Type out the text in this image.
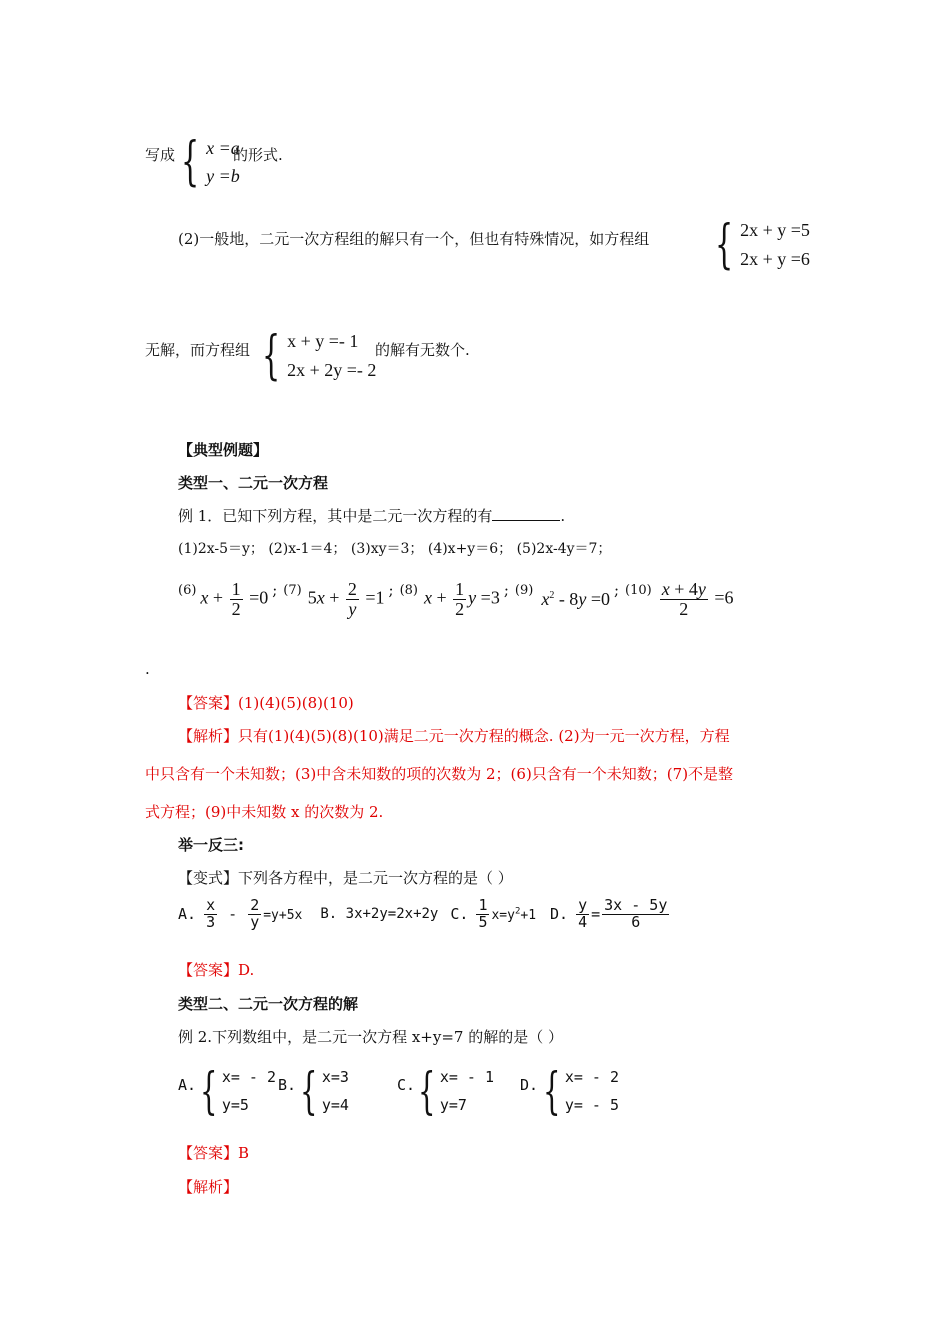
写成 { x =a
y =b
的形式.
(2)一般地，二元一次方程组的解只有一个，但也有特殊情况，如方程组 { 2x + y =5
2x + y =6
无解，而方程组 { x + y =- 1
2x + 2y =- 2
的解有无数个.
【典型例题】
类型一、二元一次方程
例 1．已知下列方程，其中是二元一次方程的有	.
(1)2x-5＝y； (2)x-1＝4； (3)xy＝3； (4)x+y＝6； (5)2x-4y＝7；
(6) $x + \frac{1}{2} =0$ ; (7) $5x + \frac{2}{y} =1$ ; (8) $x + \frac{1}{2}$ y =3 ; (9) $x^2 - 8y =0$ ; $(10) \frac{x + 4y}{2} =6$
.
【答案】(1)(4)(5)(8)(10)
【解析】只有(1)(4)(5)(8)(10)满足二元一次方程的概念. (2)为一元一次方程，方程
中只含有一个未知数；(3)中含未知数的项的次数为 2；(6)只含有一个未知数；(7)不是整
式方程；(9)中未知数 x 的次数为 2.
举一反三:
【变式】下列各方程中，是二元一次方程的是（ ）
A. $\frac{x}{3} - \frac{2}{y} =y+5x$ B. 3x+2y=2x+2y C. $\frac{1}{5} x=y^2+1$ D. $\frac{y}{4} = \frac{3x - 5y}{6}$
【答案】D.
类型二、二元一次方程的解
例 2.下列数组中，是二元一次方程 x+y=7 的解的是（ ）
A. { x= - 2
y=5
B. { x=3
y=4
C. { x= - 1
y=7
D. { x= - 2
y= - 5
【答案】B
【解析】
